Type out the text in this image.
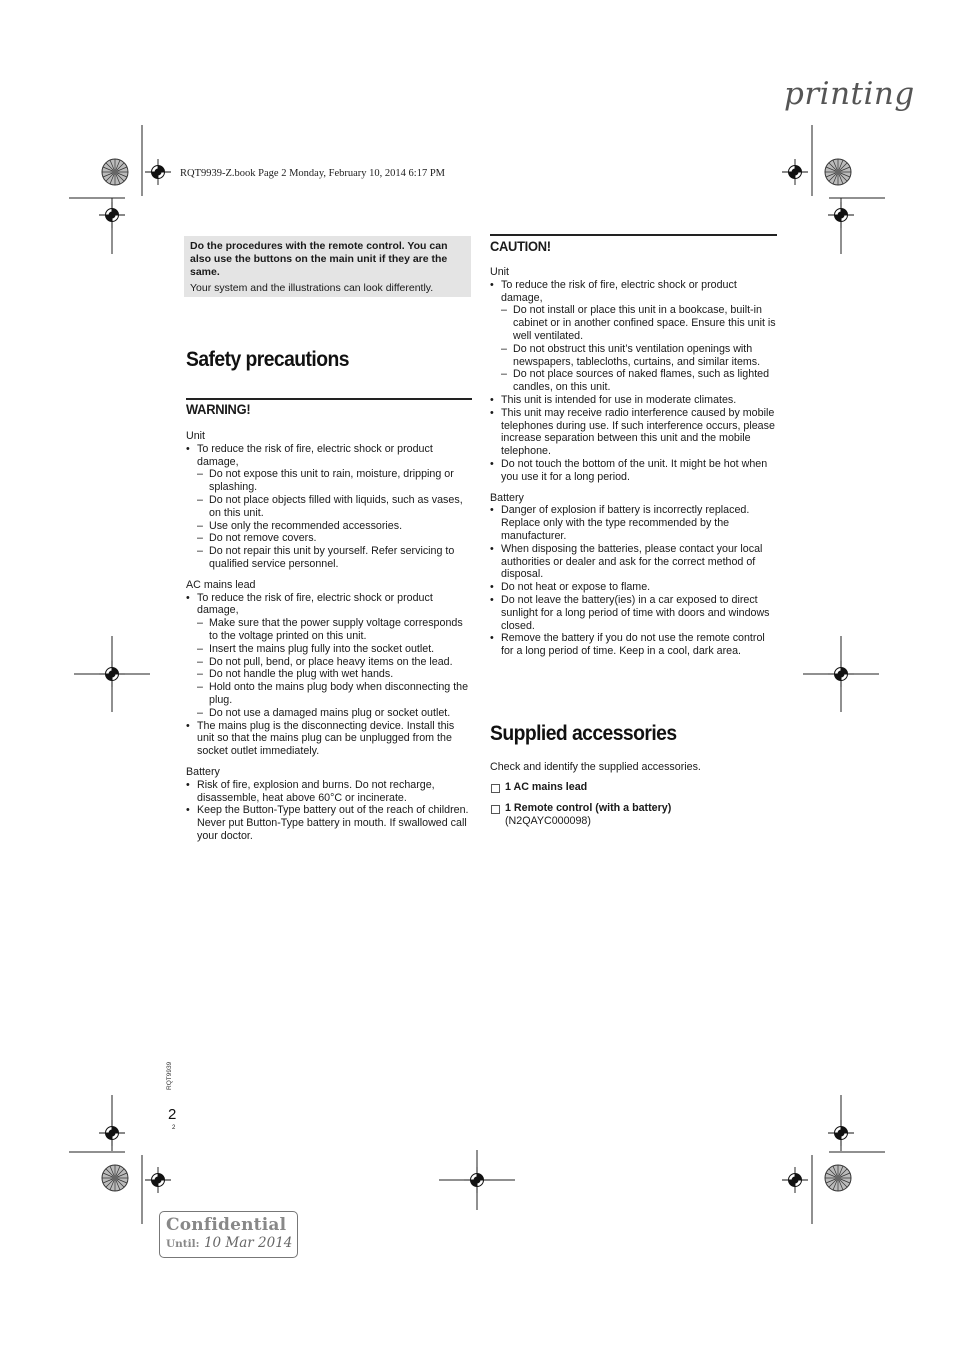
printing
RQT9939-Z.book Page 2 Monday, February 10, 2014 6:17 PM
Do the procedures with the remote control. You can also use the buttons on the main unit if they are the same.
Your system and the illustrations can look differently.
Safety precautions
WARNING!
Unit
• To reduce the risk of fire, electric shock or product damage,
– Do not expose this unit to rain, moisture, dripping or splashing.
– Do not place objects filled with liquids, such as vases, on this unit.
– Use only the recommended accessories.
– Do not remove covers.
– Do not repair this unit by yourself. Refer servicing to qualified service personnel.
AC mains lead
• To reduce the risk of fire, electric shock or product damage,
– Make sure that the power supply voltage corresponds to the voltage printed on this unit.
– Insert the mains plug fully into the socket outlet.
– Do not pull, bend, or place heavy items on the lead.
– Do not handle the plug with wet hands.
– Hold onto the mains plug body when disconnecting the plug.
– Do not use a damaged mains plug or socket outlet.
• The mains plug is the disconnecting device. Install this unit so that the mains plug can be unplugged from the socket outlet immediately.
Battery
• Risk of fire, explosion and burns. Do not recharge, disassemble, heat above 60°C or incinerate.
• Keep the Button-Type battery out of the reach of children. Never put Button-Type battery in mouth. If swallowed call your doctor.
CAUTION!
Unit
• To reduce the risk of fire, electric shock or product damage,
– Do not install or place this unit in a bookcase, built-in cabinet or in another confined space. Ensure this unit is well ventilated.
– Do not obstruct this unit’s ventilation openings with newspapers, tablecloths, curtains, and similar items.
– Do not place sources of naked flames, such as lighted candles, on this unit.
• This unit is intended for use in moderate climates.
• This unit may receive radio interference caused by mobile telephones during use. If such interference occurs, please increase separation between this unit and the mobile telephone.
• Do not touch the bottom of the unit. It might be hot when you use it for a long period.
Battery
• Danger of explosion if battery is incorrectly replaced. Replace only with the type recommended by the manufacturer.
• When disposing the batteries, please contact your local authorities or dealer and ask for the correct method of disposal.
• Do not heat or expose to flame.
• Do not leave the battery(ies) in a car exposed to direct sunlight for a long period of time with doors and windows closed.
• Remove the battery if you do not use the remote control for a long period of time. Keep in a cool, dark area.
Supplied accessories
Check and identify the supplied accessories.
1 AC mains lead
1 Remote control (with a battery)
(N2QAYC000098)
RQT9939
2
2
Confidential
Until: 10 Mar 2014
